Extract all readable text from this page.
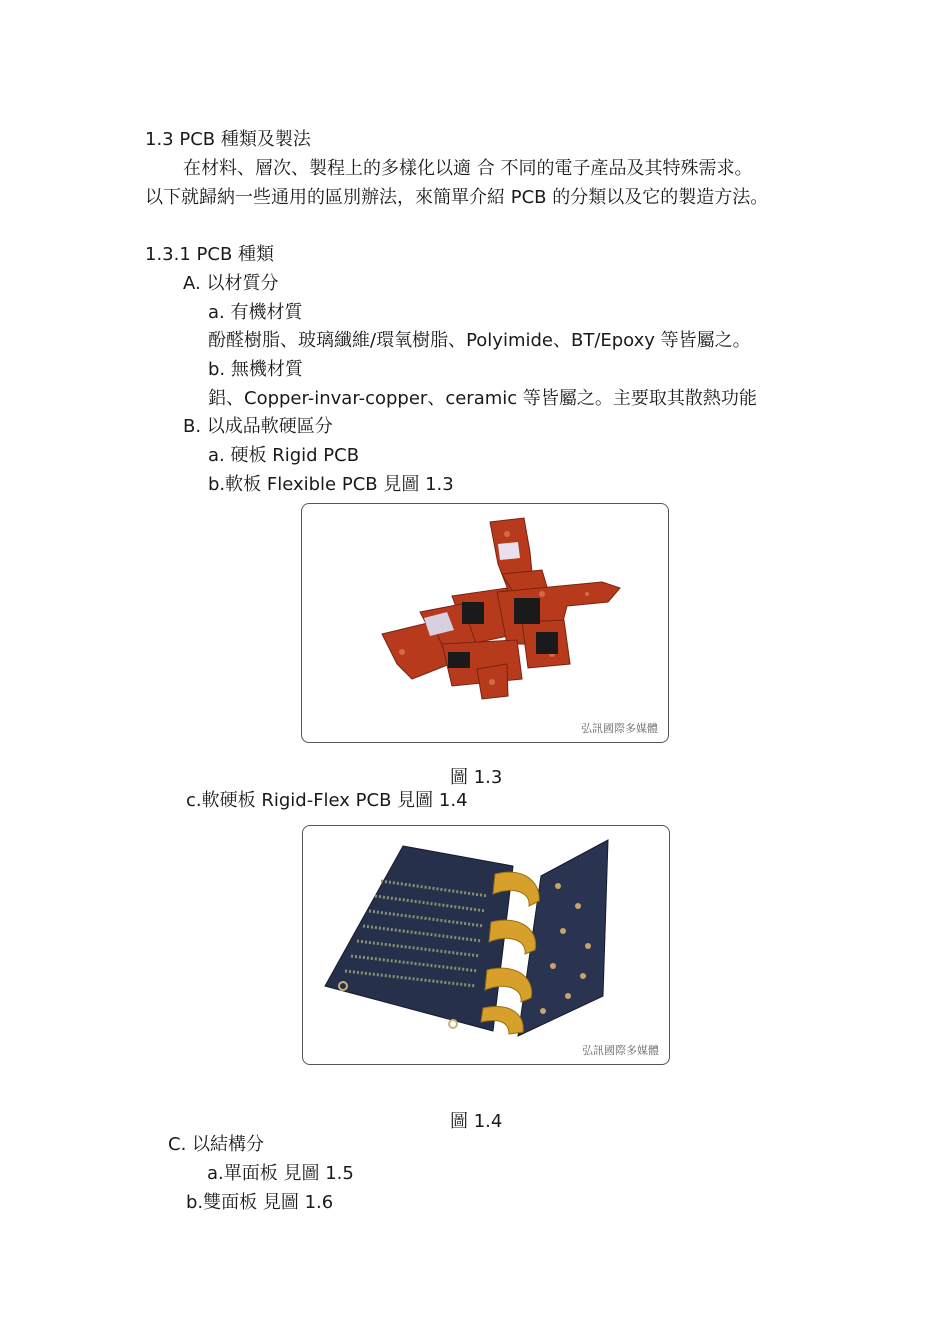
1.3 PCB 種類及製法
在材料、層次、製程上的多樣化以適 合 不同的電子產品及其特殊需求。
以下就歸納一些通用的區別辦法，來簡單介紹 PCB 的分類以及它的製造方法。
1.3.1 PCB 種類
A. 以材質分
a. 有機材質
酚醛樹脂、玻璃纖維/環氧樹脂、Polyimide、BT/Epoxy 等皆屬之。
b. 無機材質
鋁、Copper-invar-copper、ceramic 等皆屬之。主要取其散熱功能
B. 以成品軟硬區分
a. 硬板 Rigid PCB
b.軟板 Flexible PCB 見圖 1.3
弘訊國際多媒體
圖 1.3
c.軟硬板 Rigid-Flex PCB 見圖 1.4
弘訊國際多媒體
圖 1.4
C. 以結構分
a.單面板 見圖 1.5
b.雙面板 見圖 1.6
